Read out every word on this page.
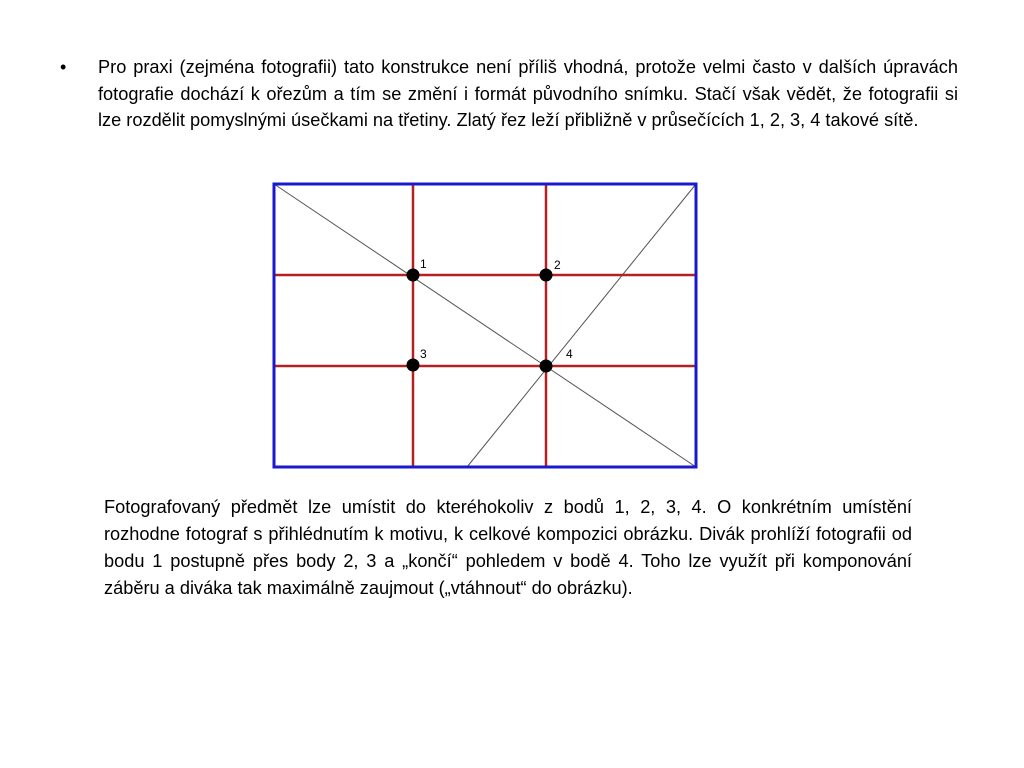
•	Pro praxi (zejména fotografii) tato konstrukce není příliš vhodná, protože velmi často v dalších úpravách fotografie dochází k ořezům a tím se změní i formát původního snímku. Stačí však vědět, že fotografii si lze rozdělit pomyslnými úsečkami na třetiny. Zlatý řez leží přibližně v průsečících 1, 2, 3, 4 takové sítě.
1	2
3	4
Fotografovaný předmět lze umístit do kteréhokoliv z bodů 1, 2, 3, 4. O konkrétním umístění rozhodne fotograf s přihlédnutím k motivu, k celkové kompozici obrázku. Divák prohlíží fotografii od bodu 1 postupně přes body 2, 3 a „končí“ pohledem v bodě 4. Toho lze využít při komponování záběru a diváka tak maximálně zaujmout („vtáhnout“ do obrázku).
